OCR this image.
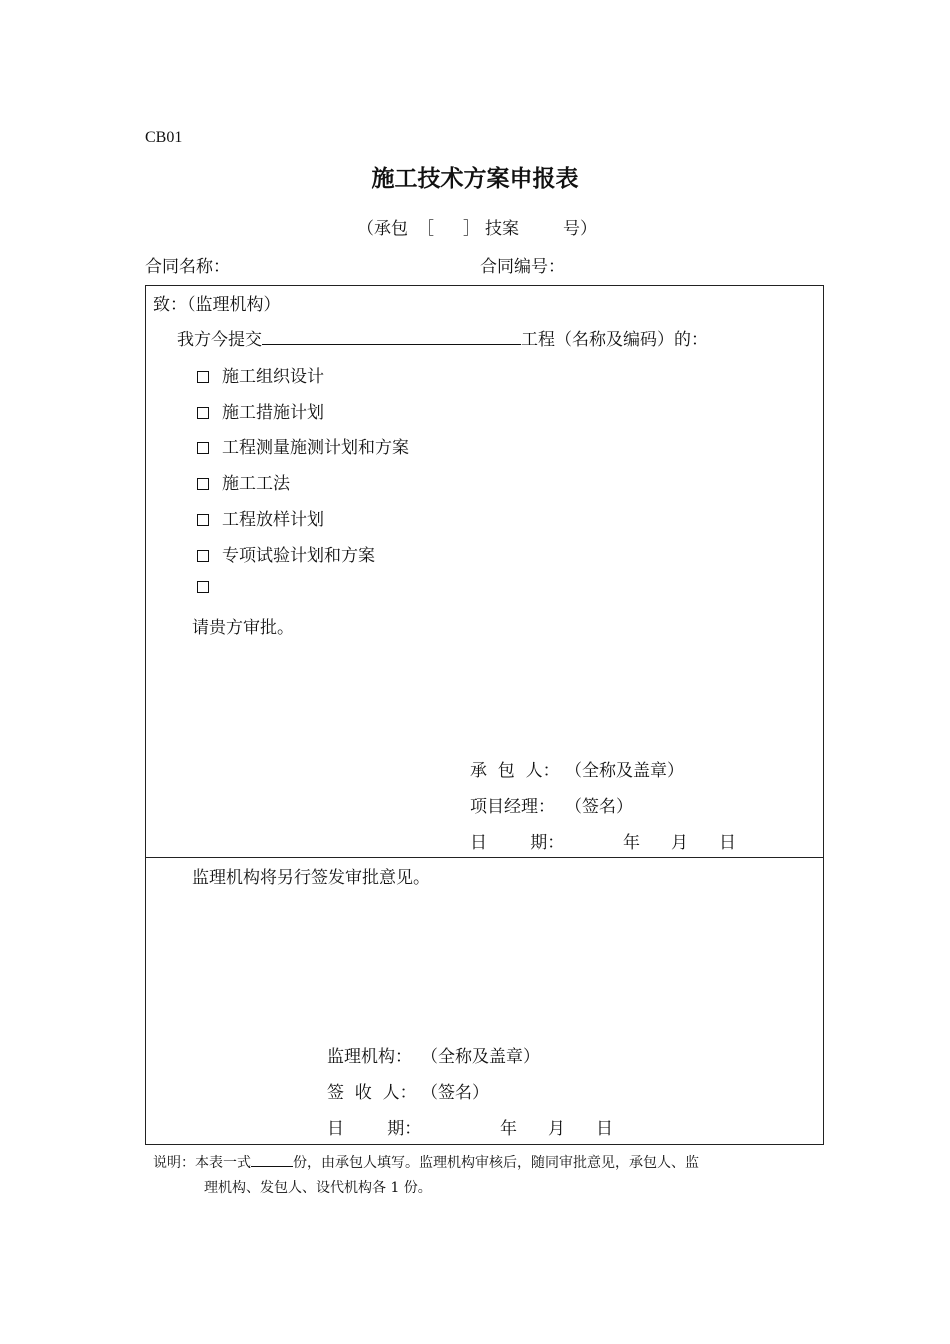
CB01
施工技术方案申报表
（承包 ［ ］ 技案	号）
合同名称：	合同编号：
致：（监理机构）
我方今提交	工程（名称及编码）的：
施工组织设计
施工措施计划
工程测量施测计划和方案
施工工法
工程放样计划
专项试验计划和方案
请贵方审批。
承  包  人： （全称及盖章）
项目经理： （签名）
日        期：	年 月 日
监理机构将另行签发审批意见。
监理机构： （全称及盖章）
签  收  人： （签名）
日        期：	年 月 日
说明：本表一式	份，由承包人填写。监理机构审核后，随同审批意见，承包人、监
理机构、发包人、设代机构各 1 份。
